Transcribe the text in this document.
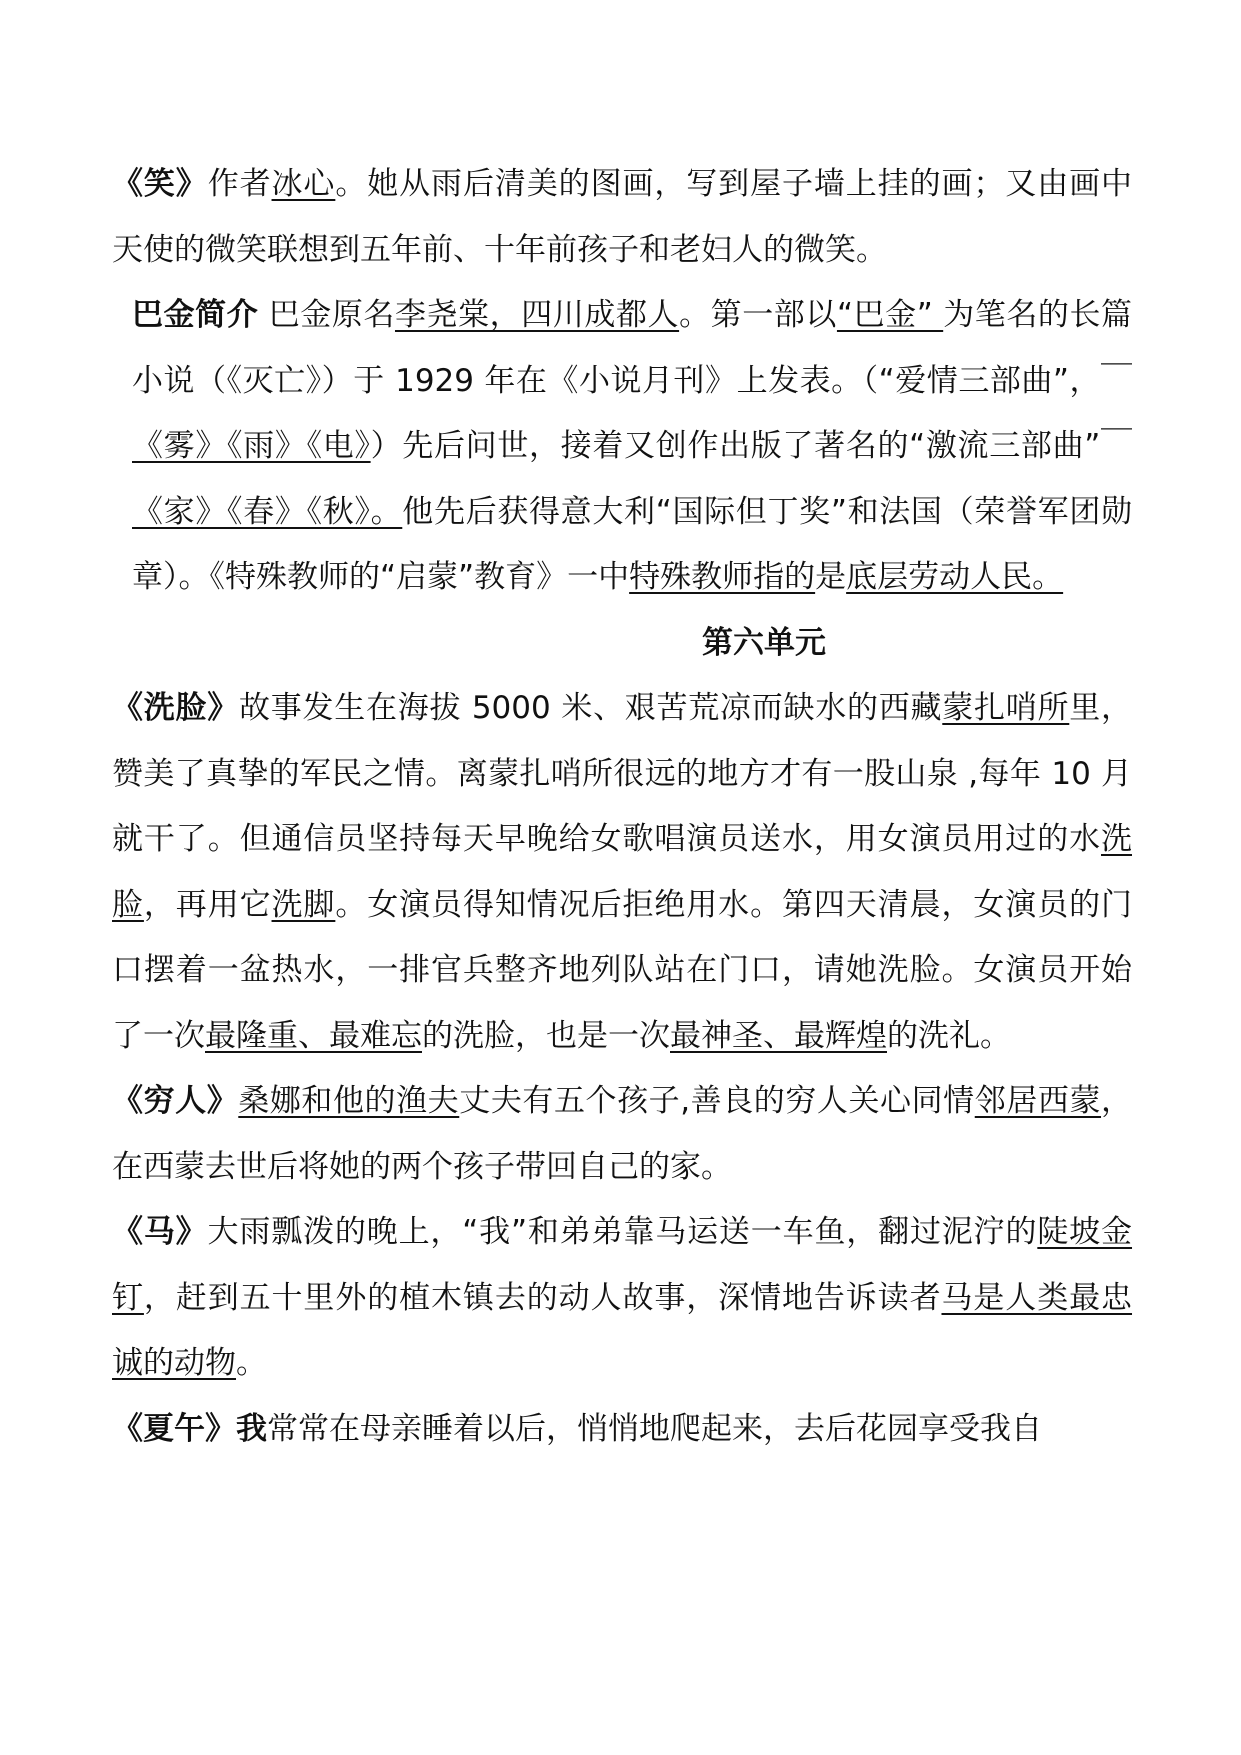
《笑》作者冰心。她从雨后清美的图画，写到屋子墙上挂的画；又由画中天使的微笑联想到五年前、十年前孩子和老妇人的微笑。

巴金简介 巴金原名李尧棠，四川成都人。第一部以“巴金” 为笔名的长篇小说（《灭亡》）于 1929 年在《小说月刊》上发表。（“爱情三部曲”，￣《雾》《雨》《电》）先后问世，接着又创作出版了著名的“激流三部曲”￣《家》《春》《秋》。他先后获得意大利“国际但丁奖”和法国（荣誉军团勋章）。《特殊教师的“启蒙”教育》一中特殊教师指的是底层劳动人民。

第六单元

《洗脸》故事发生在海拔 5000 米、艰苦荒凉而缺水的西藏蒙扎哨所里，赞美了真挚的军民之情。离蒙扎哨所很远的地方才有一股山泉 ,每年 10 月就干了。但通信员坚持每天早晚给女歌唱演员送水，用女演员用过的水洗脸，再用它洗脚。女演员得知情况后拒绝用水。第四天清晨，女演员的门口摆着一盆热水，一排官兵整齐地列队站在门口，请她洗脸。女演员开始了一次最隆重、最难忘的洗脸，也是一次最神圣、最辉煌的洗礼。

《穷人》桑娜和他的渔夫丈夫有五个孩子,善良的穷人关心同情邻居西蒙，在西蒙去世后将她的两个孩子带回自己的家。

《马》大雨瓢泼的晚上，“我”和弟弟靠马运送一车鱼，翻过泥泞的陡坡金钉，赶到五十里外的植木镇去的动人故事，深情地告诉读者马是人类最忠诚的动物。

《夏午》我常常在母亲睡着以后，悄悄地爬起来，去后花园享受我自
